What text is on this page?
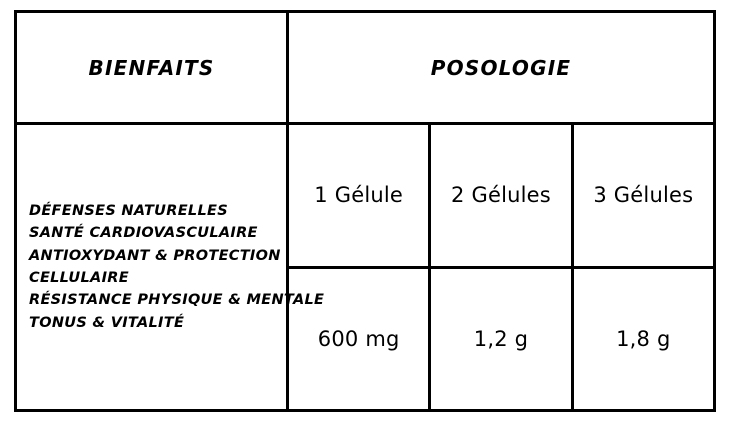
BIENFAITS	POSOLOGIE
DÉFENSES NATURELLES
SANTÉ CARDIOVASCULAIRE
ANTIOXYDANT & PROTECTION CELLULAIRE
RÉSISTANCE PHYSIQUE & MENTALE
TONUS & VITALITÉ
1 Gélule	2 Gélules	3 Gélules
600 mg	1,2 g	1,8 g
